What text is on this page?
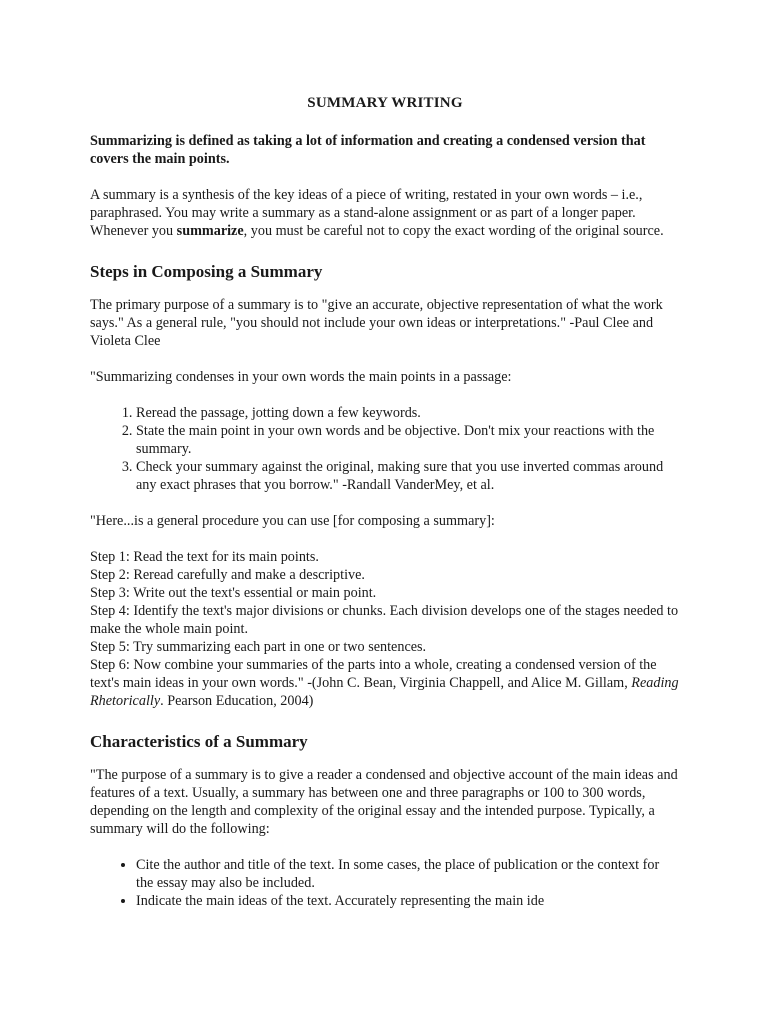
SUMMARY WRITING

Summarizing is defined as taking a lot of information and creating a condensed version that covers the main points.

A summary is a synthesis of the key ideas of a piece of writing, restated in your own words – i.e., paraphrased. You may write a summary as a stand-alone assignment or as part of a longer paper. Whenever you summarize, you must be careful not to copy the exact wording of the original source.

Steps in Composing a Summary

The primary purpose of a summary is to "give an accurate, objective representation of what the work says." As a general rule, "you should not include your own ideas or interpretations." -Paul Clee and Violeta Clee

"Summarizing condenses in your own words the main points in a passage:

1. Reread the passage, jotting down a few keywords.
2. State the main point in your own words and be objective. Don't mix your reactions with the summary.
3. Check your summary against the original, making sure that you use inverted commas around any exact phrases that you borrow." -Randall VanderMey, et al.

"Here...is a general procedure you can use [for composing a summary]:

Step 1: Read the text for its main points.

Step 2: Reread carefully and make a descriptive.

Step 3: Write out the text's essential or main point.

Step 4: Identify the text's major divisions or chunks. Each division develops one of the stages needed to make the whole main point.

Step 5: Try summarizing each part in one or two sentences.

Step 6: Now combine your summaries of the parts into a whole, creating a condensed version of the text's main ideas in your own words." -(John C. Bean, Virginia Chappell, and Alice M. Gillam, Reading Rhetorically. Pearson Education, 2004)

Characteristics of a Summary

"The purpose of a summary is to give a reader a condensed and objective account of the main ideas and features of a text. Usually, a summary has between one and three paragraphs or 100 to 300 words, depending on the length and complexity of the original essay and the intended purpose. Typically, a summary will do the following:

• Cite the author and title of the text. In some cases, the place of publication or the context for the essay may also be included.
• Indicate the main ideas of the text. Accurately representing the main ide
